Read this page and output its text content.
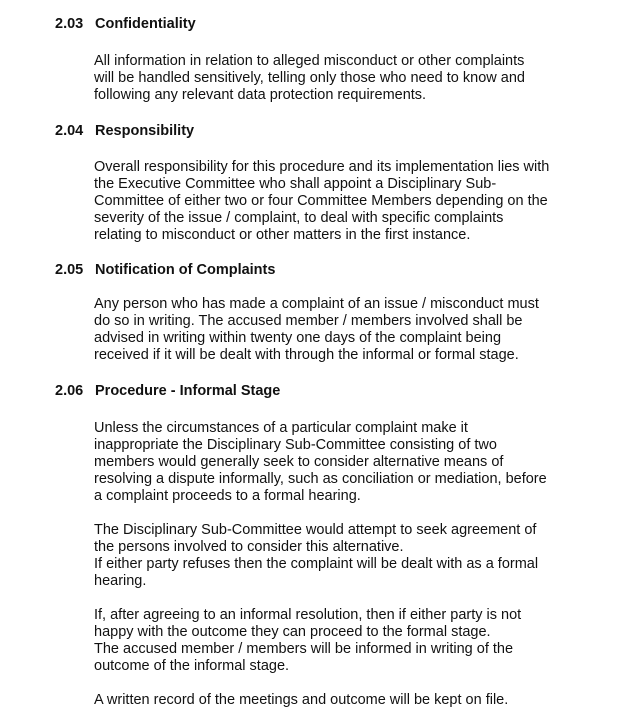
2.03 Confidentiality
All information in relation to alleged misconduct or other complaints
will be handled sensitively, telling only those who need to know and
following any relevant data protection requirements.
2.04 Responsibility
Overall responsibility for this procedure and its implementation lies with
the Executive Committee who shall appoint a Disciplinary Sub-
Committee of either two or four Committee Members depending on the
severity of the issue / complaint, to deal with specific complaints
relating to misconduct or other matters in the first instance.
2.05 Notification of Complaints
Any person who has made a complaint of an issue / misconduct must
do so in writing. The accused member / members involved shall be
advised in writing within twenty one days of the complaint being
received if it will be dealt with through the informal or formal stage.
2.06 Procedure - Informal Stage
Unless the circumstances of a particular complaint make it
inappropriate the Disciplinary Sub-Committee consisting of two
members would generally seek to consider alternative means of
resolving a dispute informally, such as conciliation or mediation, before
a complaint proceeds to a formal hearing.
The Disciplinary Sub-Committee would attempt to seek agreement of
the persons involved to consider this alternative.
If either party refuses then the complaint will be dealt with as a formal
hearing.
If, after agreeing to an informal resolution, then if either party is not
happy with the outcome they can proceed to the formal stage.
The accused member / members will be informed in writing of the
outcome of the informal stage.
A written record of the meetings and outcome will be kept on file.
